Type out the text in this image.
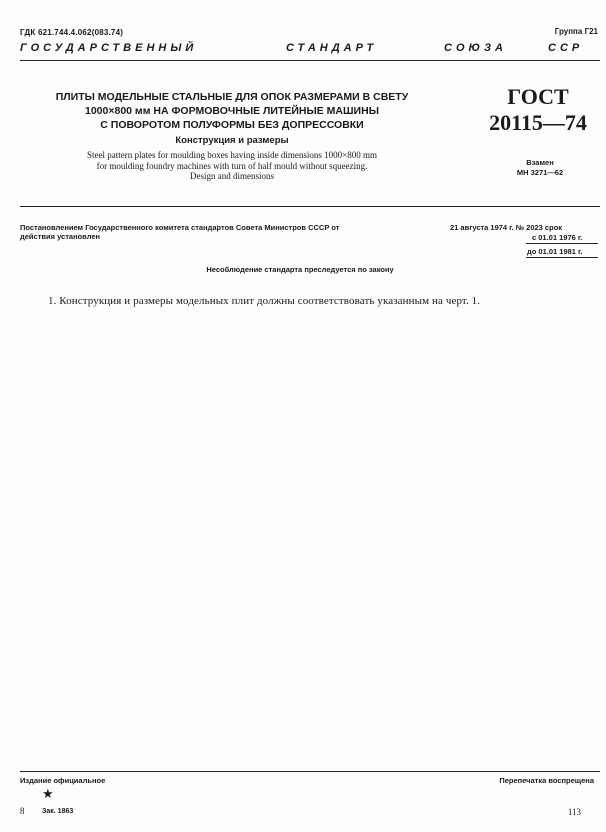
ГДК 621.744.4.062(083.74)	Группа Г21
ГОСУДАРСТВЕННЫЙ	СТАНДАРТ	СОЮЗА	ССР
ПЛИТЫ МОДЕЛЬНЫЕ СТАЛЬНЫЕ ДЛЯ ОПОК РАЗМЕРАМИ В СВЕТУ
1000×800 мм НА ФОРМОВОЧНЫЕ ЛИТЕЙНЫЕ МАШИНЫ
С ПОВОРОТОМ ПОЛУФОРМЫ БЕЗ ДОПРЕССОВКИ
Конструкция и размеры
Steel pattern plates for moulding boxes having inside dimensions 1000×800 mm
for moulding foundry machines with turn of half mould without squeezing.
Design and dimensions
ГОСТ
20115—74
Взамен
МН 3271—62
Постановлением Государственного комитета стандартов Совета Министров СССР от
действия установлен
21 августа 1974 г. № 2023 срок
с 01.01 1976 г.
до 01.01 1981 г.
Несоблюдение стандарта преследуется по закону
1. Конструкция и размеры модельных плит должны соответствовать указанным на черт. 1.
Издание официальное	Перепечатка воспрещена
★
8	Зак. 1863	113
